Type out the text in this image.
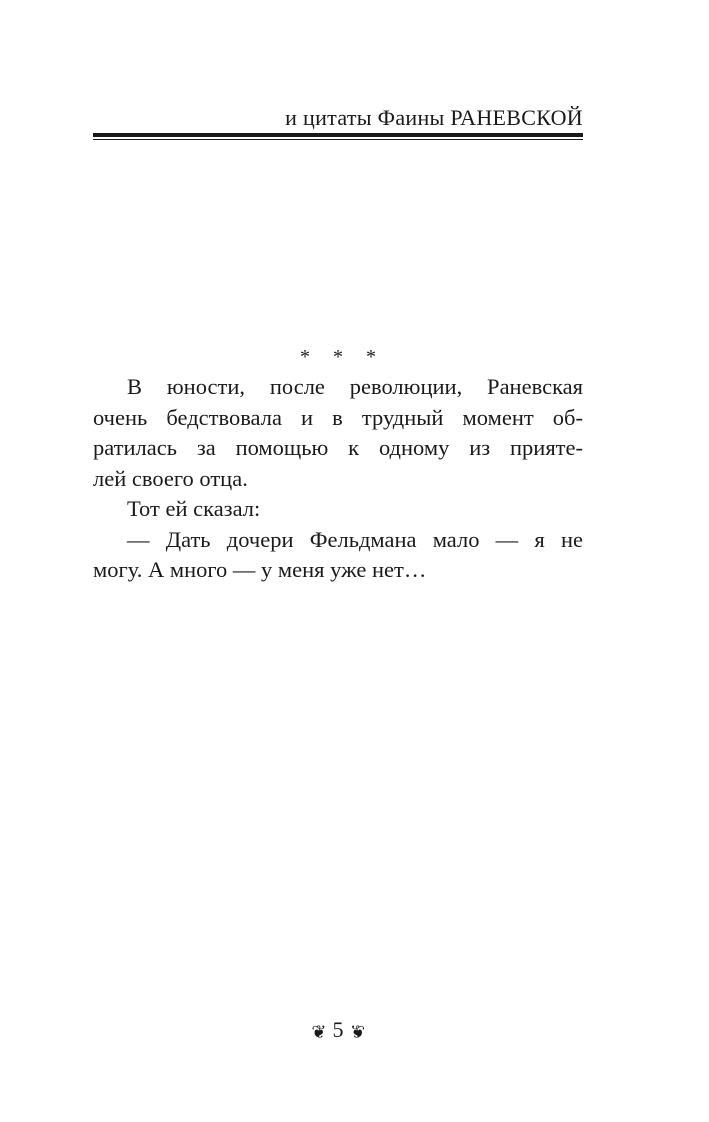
и цитаты Фаины РАНЕВСКОЙ
* * *
В юности, после революции, Раневская
очень бедствовала и в трудный момент об-
ратилась за помощью к одному из прияте-
лей своего отца.
Тот ей сказал:
— Дать дочери Фельдмана мало — я не
могу. А много — у меня уже нет…
❦ 5 ❦
